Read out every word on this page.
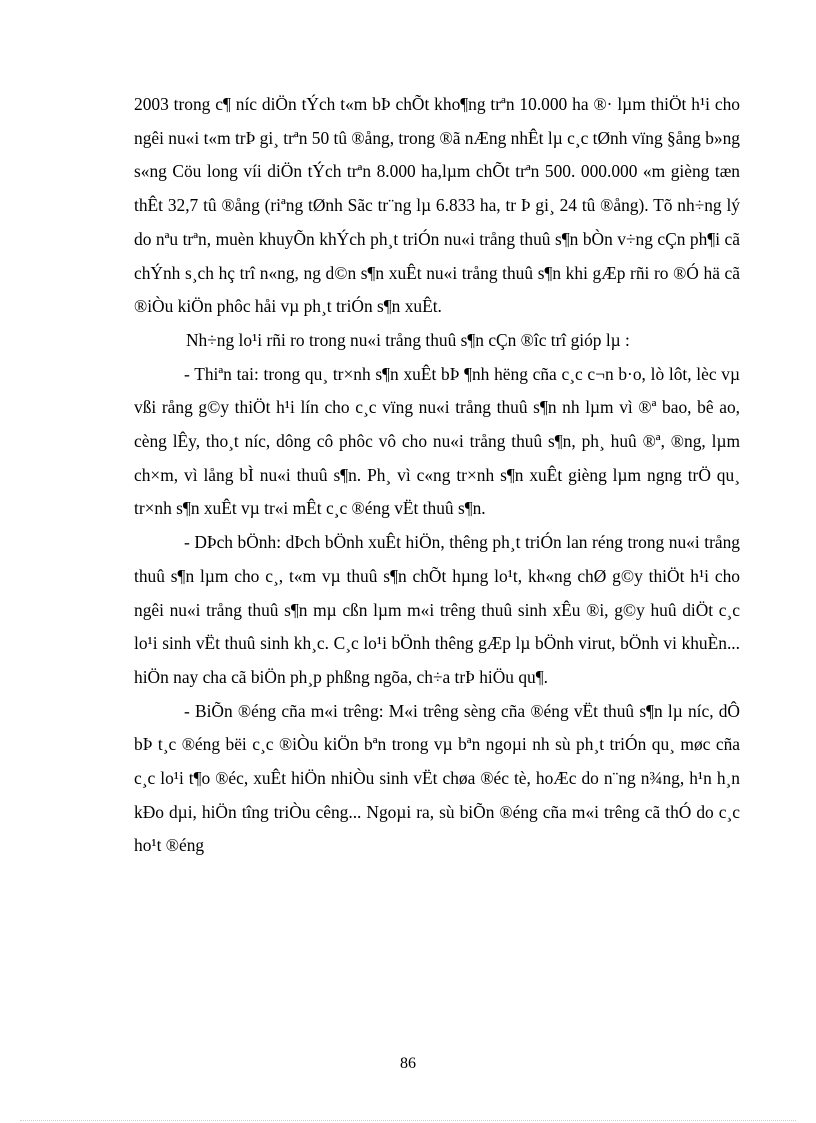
2003 trong c¶ níc diÖn tÝch t«m bÞ chÕt kho¶ng trªn 10.000 ha ®· lµm thiÖt h¹i cho ngêi nu«i t«m trÞ gi¸ trªn 50 tû ®ång, trong ®ã nÆng nhÊt lµ c¸c tØnh vïng §ång b»ng s«ng Cöu long víi diÖn tÝch trªn 8.000 ha,lµm chÕt trªn 500. 000.000 «m gièng tæn thÊt 32,7 tû ®ång (riªng tØnh Sãc tr¨ng lµ 6.833 ha, tr Þ gi¸ 24 tû ®ång). Tõ nh÷ng lý do nªu trªn, muèn khuyÕn khÝch ph¸t triÓn nu«i trång thuû s¶n bÒn v÷ng cÇn ph¶i cã chÝnh s¸ch hç trî n«ng, ng d©n s¶n xuÊt nu«i trång thuû s¶n khi gÆp rñi ro ®Ó hä cã ®iÒu kiÖn phôc håi vµ ph¸t triÓn s¶n xuÊt.

Nh÷ng lo¹i rñi ro trong nu«i trång thuû s¶n cÇn ®îc trî gióp lµ :

- Thiªn tai: trong qu¸ tr×nh s¶n xuÊt bÞ ¶nh hëng cña c¸c c¬n b·o, lò lôt, lèc vµ vßi rång g©y thiÖt h¹i lín cho c¸c vïng nu«i trång thuû s¶n nh lµm vì ®ª bao, bê ao, cèng lÊy, tho¸t níc, dông cô phôc vô cho nu«i trång thuû s¶n, ph¸ huû ®ª, ®ng, lµm ch×m, vì lång bÌ nu«i thuû s¶n. Ph¸ vì c«ng tr×nh s¶n xuÊt gièng lµm ngng trÖ qu¸ tr×nh s¶n xuÊt vµ tr«i mÊt c¸c ®éng vËt thuû s¶n.

- DÞch bÖnh: dÞch bÖnh xuÊt hiÖn, thêng ph¸t triÓn lan réng trong nu«i trång thuû s¶n lµm cho c¸, t«m vµ thuû s¶n chÕt hµng lo¹t, kh«ng chØ g©y thiÖt h¹i cho ngêi nu«i trång thuû s¶n mµ cßn lµm m«i trêng thuû sinh xÊu ®i, g©y huû diÖt c¸c lo¹i sinh vËt thuû sinh kh¸c. C¸c lo¹i bÖnh thêng gÆp lµ bÖnh virut, bÖnh vi khuÈn... hiÖn nay cha cã biÖn ph¸p phßng ngõa, ch÷a trÞ hiÖu qu¶.

- BiÕn ®éng cña m«i trêng: M«i trêng sèng cña ®éng vËt thuû s¶n lµ níc, dÔ bÞ t¸c ®éng bëi c¸c ®iÒu kiÖn bªn trong vµ bªn ngoµi nh sù ph¸t triÓn qu¸ møc cña c¸c lo¹i t¶o ®éc, xuÊt hiÖn nhiÒu sinh vËt chøa ®éc tè, hoÆc do n¨ng n¾ng, h¹n h¸n kÐo dµi, hiÖn tîng triÒu cêng... Ngoµi ra, sù biÕn ®éng cña m«i trêng cã thÓ do c¸c ho¹t ®éng

86
